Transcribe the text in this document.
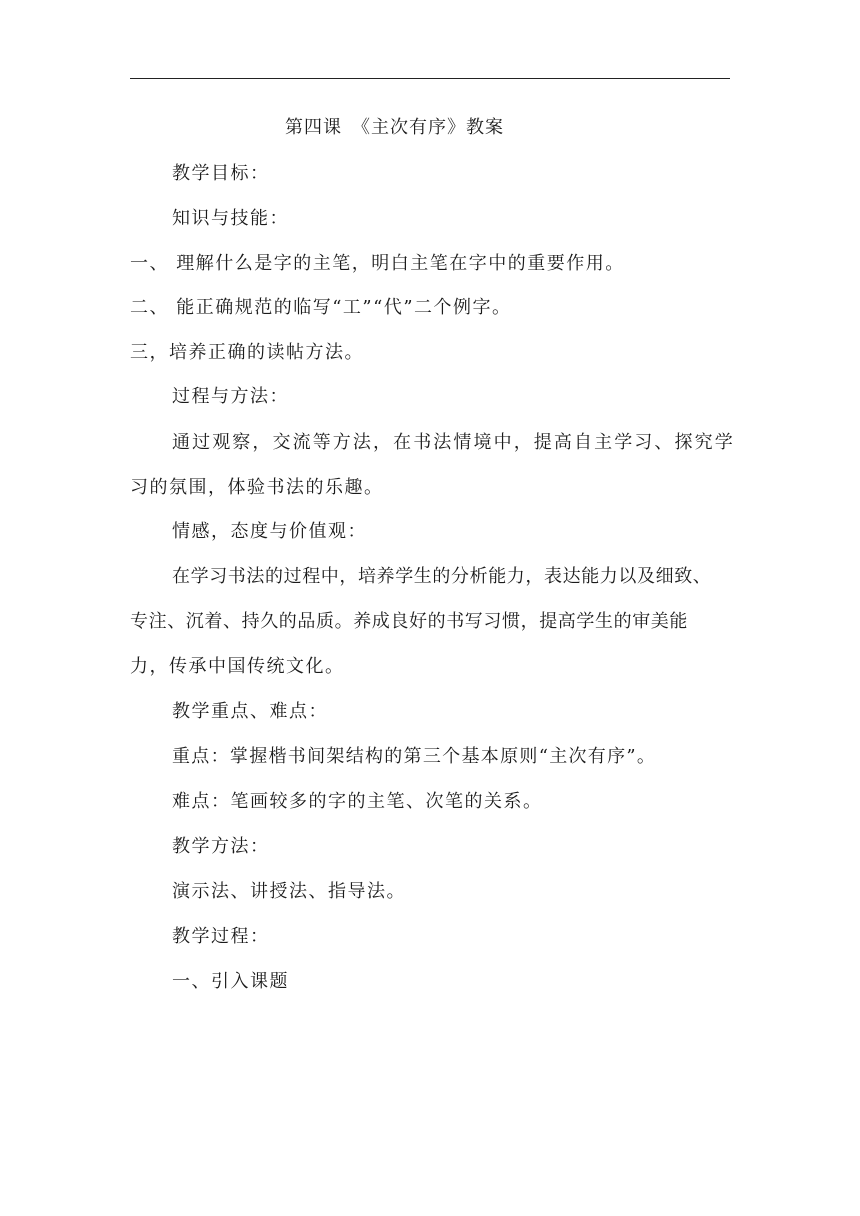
第四课　《主次有序》教案
教学目标：
知识与技能：
一、 理解什么是字的主笔，明白主笔在字中的重要作用。
二、 能正确规范的临写“工”“代”二个例字。
三，培养正确的读帖方法。
过程与方法：
通过观察，交流等方法，在书法情境中，提高自主学习、探究学
习的氛围，体验书法的乐趣。
情感，态度与价值观：
在学习书法的过程中，培养学生的分析能力，表达能力以及细致、
专注、沉着、持久的品质。养成良好的书写习惯，提高学生的审美能
力，传承中国传统文化。
教学重点、难点：
重点：掌握楷书间架结构的第三个基本原则“主次有序”。
难点：笔画较多的字的主笔、次笔的关系。
教学方法：
演示法、讲授法、指导法。
教学过程：
一、引入课题
